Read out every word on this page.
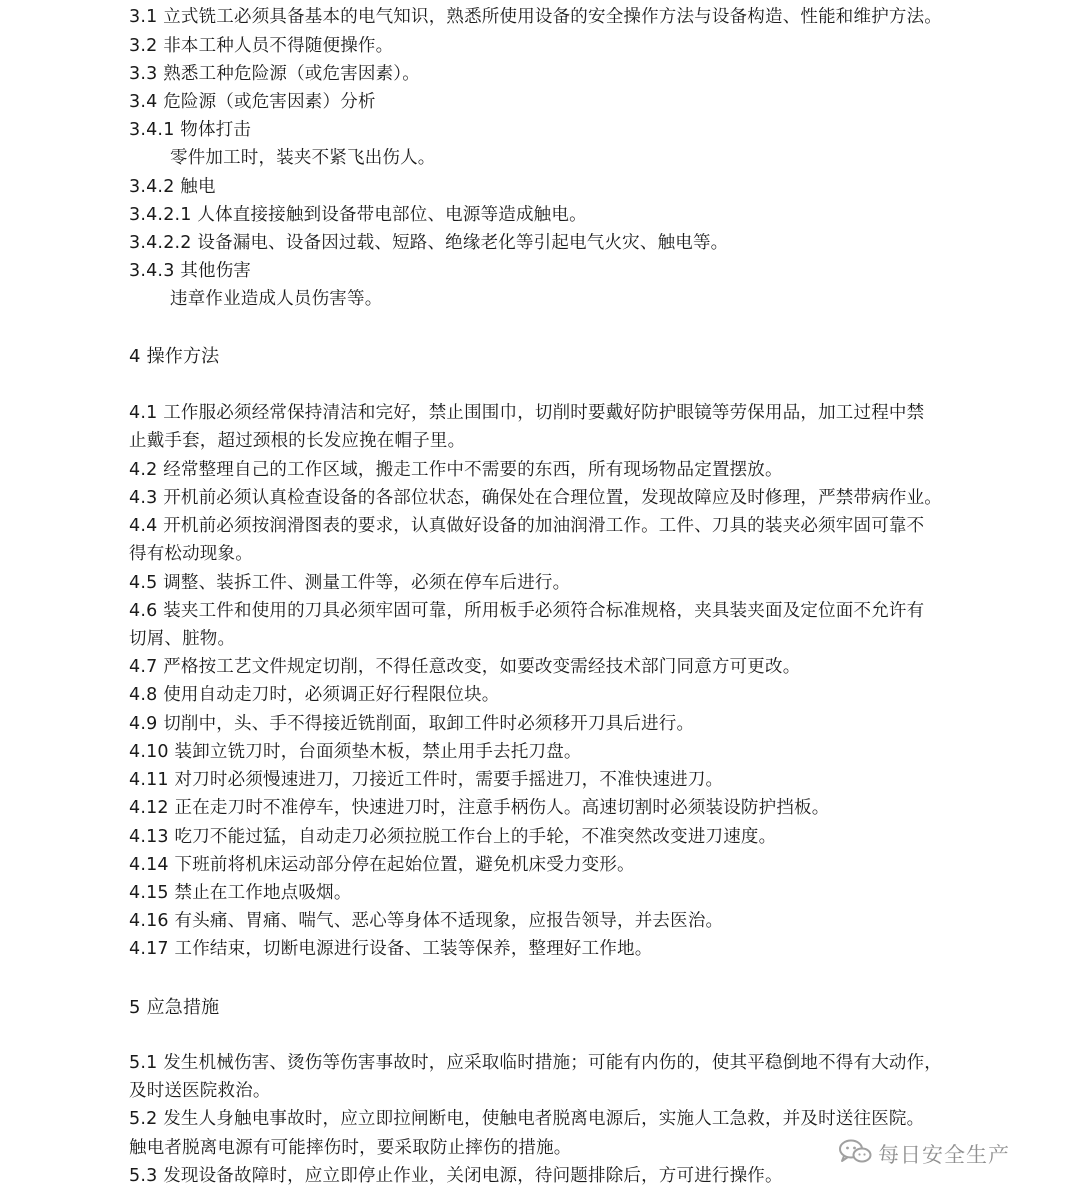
3.1 立式铣工必须具备基本的电气知识，熟悉所使用设备的安全操作方法与设备构造、性能和维护方法。
3.2 非本工种人员不得随便操作。
3.3 熟悉工种危险源（或危害因素）。
3.4 危险源（或危害因素）分析
3.4.1 物体打击
零件加工时，装夹不紧飞出伤人。
3.4.2 触电
3.4.2.1 人体直接接触到设备带电部位、电源等造成触电。
3.4.2.2 设备漏电、设备因过载、短路、绝缘老化等引起电气火灾、触电等。
3.4.3 其他伤害
违章作业造成人员伤害等。
4 操作方法
4.1 工作服必须经常保持清洁和完好，禁止围围巾，切削时要戴好防护眼镜等劳保用品，加工过程中禁
止戴手套，超过颈根的长发应挽在帽子里。
4.2 经常整理自己的工作区域，搬走工作中不需要的东西，所有现场物品定置摆放。
4.3 开机前必须认真检查设备的各部位状态，确保处在合理位置，发现故障应及时修理，严禁带病作业。
4.4 开机前必须按润滑图表的要求，认真做好设备的加油润滑工作。工件、刀具的装夹必须牢固可靠不
得有松动现象。
4.5 调整、装拆工件、测量工件等，必须在停车后进行。
4.6 装夹工件和使用的刀具必须牢固可靠，所用板手必须符合标准规格，夹具装夹面及定位面不允许有
切屑、脏物。
4.7 严格按工艺文件规定切削，不得任意改变，如要改变需经技术部门同意方可更改。
4.8 使用自动走刀时，必须调正好行程限位块。
4.9 切削中，头、手不得接近铣削面，取卸工件时必须移开刀具后进行。
4.10 装卸立铣刀时，台面须垫木板，禁止用手去托刀盘。
4.11 对刀时必须慢速进刀，刀接近工件时，需要手摇进刀，不准快速进刀。
4.12 正在走刀时不准停车，快速进刀时，注意手柄伤人。高速切割时必须装设防护挡板。
4.13 吃刀不能过猛，自动走刀必须拉脱工作台上的手轮，不准突然改变进刀速度。
4.14 下班前将机床运动部分停在起始位置，避免机床受力变形。
4.15 禁止在工作地点吸烟。
4.16 有头痛、胃痛、喘气、恶心等身体不适现象，应报告领导，并去医治。
4.17 工作结束，切断电源进行设备、工装等保养，整理好工作地。
5 应急措施
5.1 发生机械伤害、烫伤等伤害事故时，应采取临时措施；可能有内伤的，使其平稳倒地不得有大动作，
及时送医院救治。
5.2 发生人身触电事故时，应立即拉闸断电，使触电者脱离电源后，实施人工急救，并及时送往医院。
触电者脱离电源有可能摔伤时，要采取防止摔伤的措施。
5.3 发现设备故障时，应立即停止作业，关闭电源，待问题排除后，方可进行操作。
每日安全生产
